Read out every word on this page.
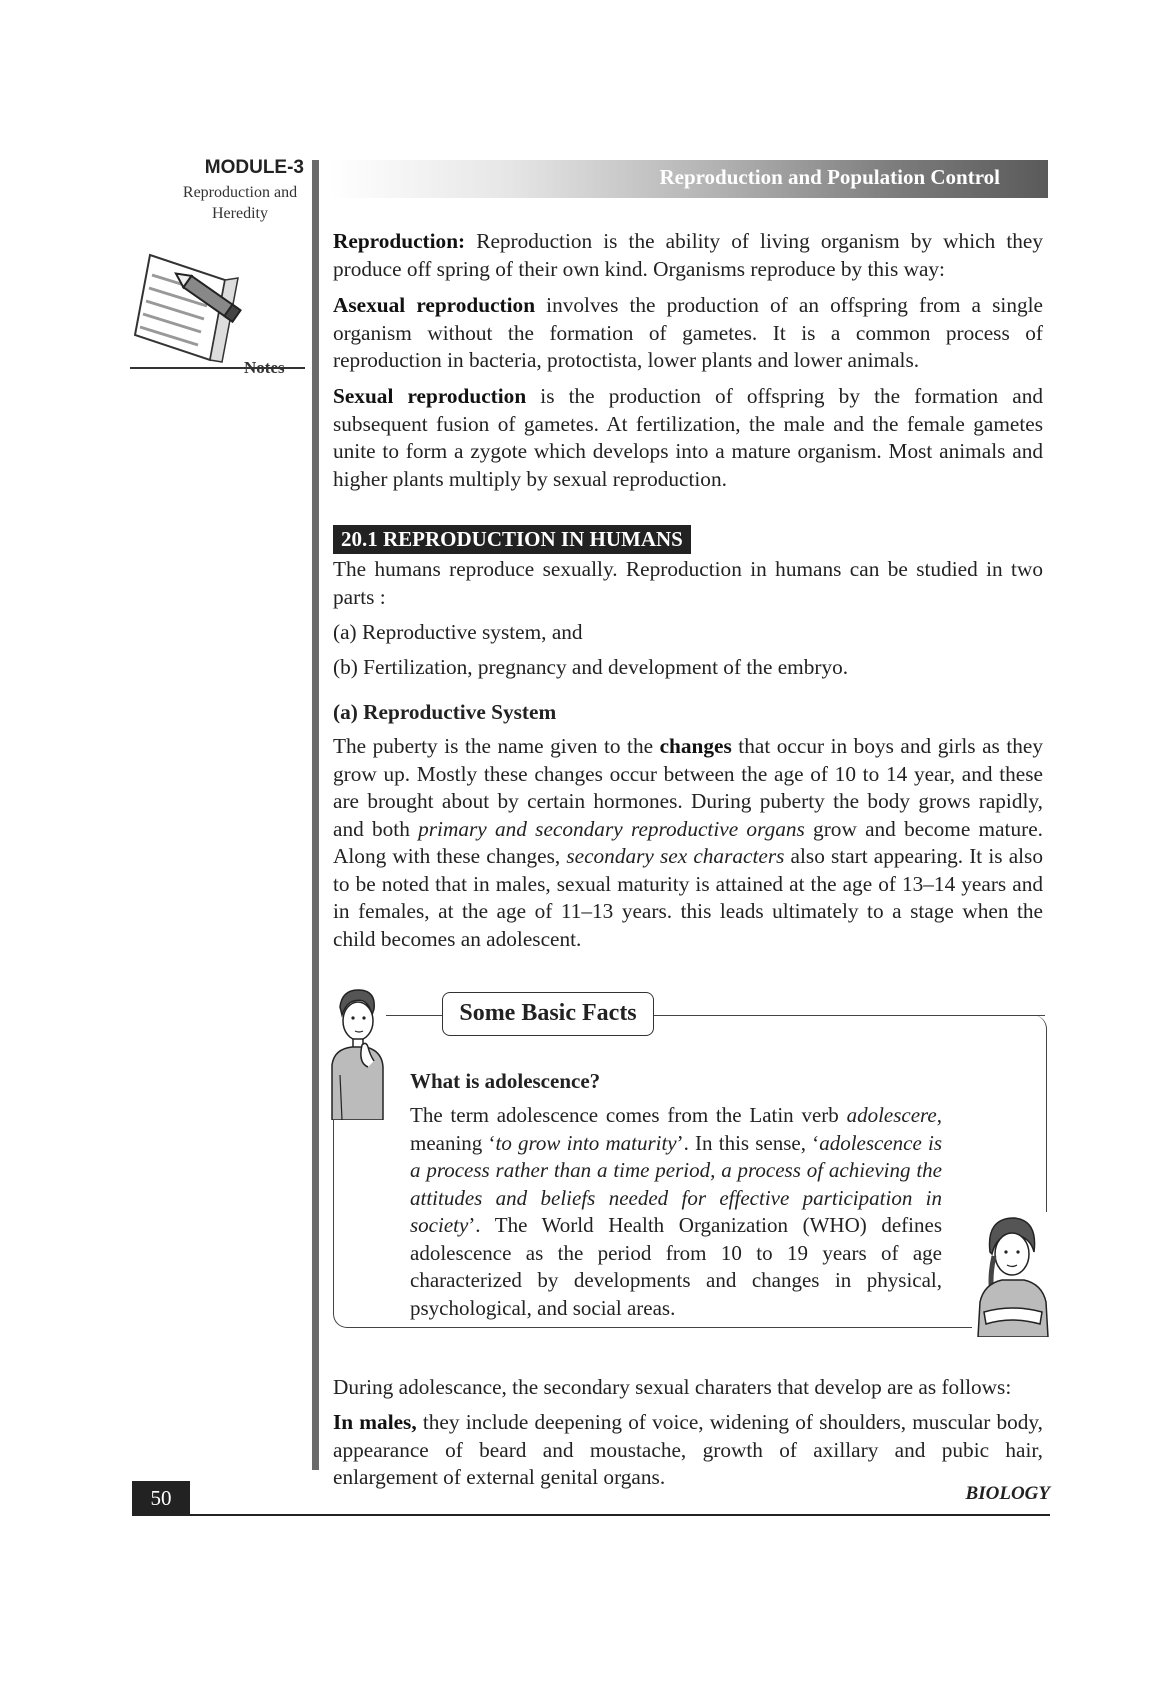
MODULE-3
Reproduction and Heredity
Notes
Reproduction and Population Control
Reproduction: Reproduction is the ability of living organism by which they produce off spring of their own kind. Organisms reproduce by this way:
Asexual reproduction involves the production of an offspring from a single organism without the formation of gametes. It is a common process of reproduction in bacteria, protoctista, lower plants and lower animals.
Sexual reproduction is the production of offspring by the formation and subsequent fusion of gametes. At fertilization, the male and the female gametes unite to form a zygote which develops into a mature organism. Most animals and higher plants multiply by sexual reproduction.
20.1 REPRODUCTION IN HUMANS
The humans reproduce sexually. Reproduction in humans can be studied in two parts :
(a) Reproductive system, and
(b) Fertilization, pregnancy and development of the embryo.
(a) Reproductive System
The puberty is the name given to the changes that occur in boys and girls as they grow up. Mostly these changes occur between the age of 10 to 14 year, and these are brought about by certain hormones. During puberty the body grows rapidly, and both primary and secondary reproductive organs grow and become mature. Along with these changes, secondary sex characters also start appearing. It is also to be noted that in males, sexual maturity is attained at the age of 13–14 years and in females, at the age of 11–13 years. this leads ultimately to a stage when the child becomes an adolescent.
Some Basic Facts
What is adolescence?
The term adolescence comes from the Latin verb adolescere, meaning ‘to grow into maturity’. In this sense, ‘adolescence is a process rather than a time period, a process of achieving the attitudes and beliefs needed for effective participation in society’. The World Health Organization (WHO) defines adolescence as the period from 10 to 19 years of age characterized by developments and changes in physical, psychological, and social areas.
During adolescance, the secondary sexual charaters that develop are as follows:
In males, they include deepening of voice, widening of shoulders, muscular body, appearance of beard and moustache, growth of axillary and pubic hair, enlargement of external genital organs.
50	BIOLOGY
